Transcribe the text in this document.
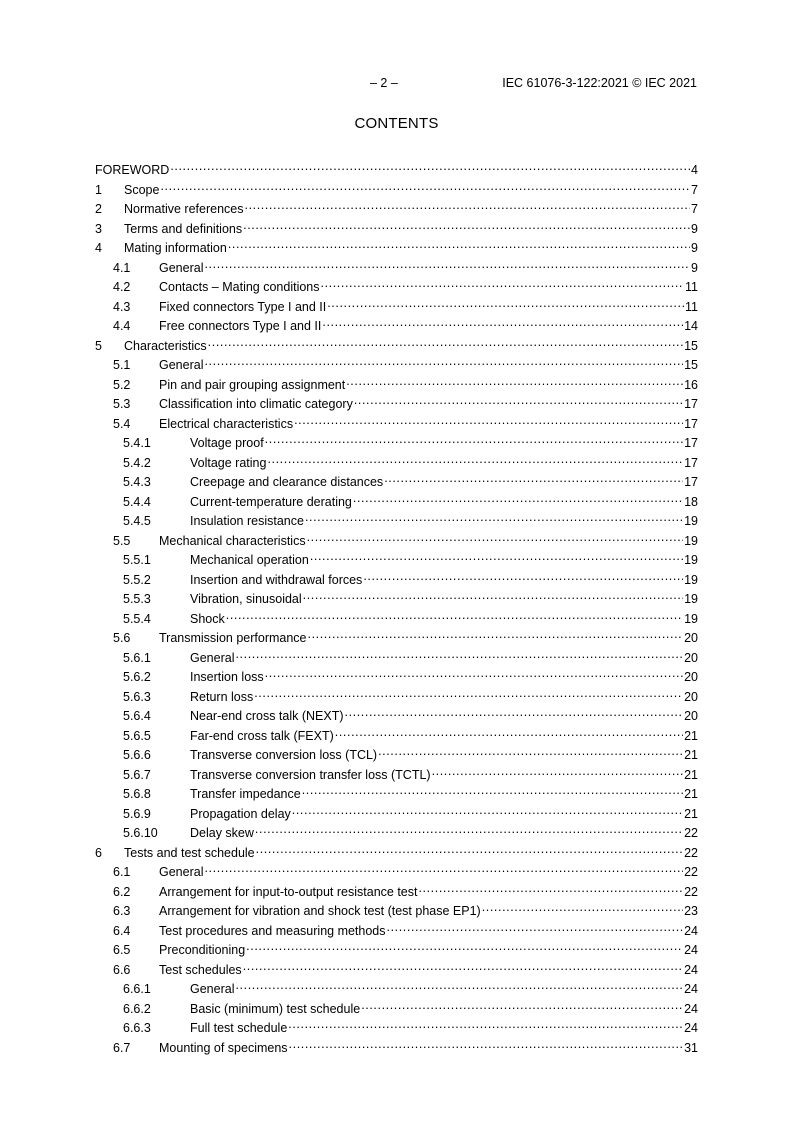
– 2 –	IEC 61076-3-122:2021 © IEC 2021
CONTENTS
FOREWORD .....	4
1	Scope .....	7
2	Normative references .....	7
3	Terms and definitions .....	9
4	Mating information .....	9
4.1	General .....	9
4.2	Contacts – Mating conditions .....	11
4.3	Fixed connectors Type I and II .....	11
4.4	Free connectors Type I and II .....	14
5	Characteristics .....	15
5.1	General .....	15
5.2	Pin and pair grouping assignment .....	16
5.3	Classification into climatic category .....	17
5.4	Electrical characteristics .....	17
5.4.1	Voltage proof .....	17
5.4.2	Voltage rating .....	17
5.4.3	Creepage and clearance distances .....	17
5.4.4	Current-temperature derating .....	18
5.4.5	Insulation resistance .....	19
5.5	Mechanical characteristics .....	19
5.5.1	Mechanical operation .....	19
5.5.2	Insertion and withdrawal forces .....	19
5.5.3	Vibration, sinusoidal .....	19
5.5.4	Shock .....	19
5.6	Transmission performance .....	20
5.6.1	General .....	20
5.6.2	Insertion loss .....	20
5.6.3	Return loss .....	20
5.6.4	Near-end cross talk (NEXT) .....	20
5.6.5	Far-end cross talk (FEXT) .....	21
5.6.6	Transverse conversion loss (TCL) .....	21
5.6.7	Transverse conversion transfer loss (TCTL) .....	21
5.6.8	Transfer impedance .....	21
5.6.9	Propagation delay .....	21
5.6.10	Delay skew .....	22
6	Tests and test schedule .....	22
6.1	General .....	22
6.2	Arrangement for input-to-output resistance test .....	22
6.3	Arrangement for vibration and shock test (test phase EP1) .....	23
6.4	Test procedures and measuring methods .....	24
6.5	Preconditioning .....	24
6.6	Test schedules .....	24
6.6.1	General .....	24
6.6.2	Basic (minimum) test schedule .....	24
6.6.3	Full test schedule .....	24
6.7	Mounting of specimens .....	31
